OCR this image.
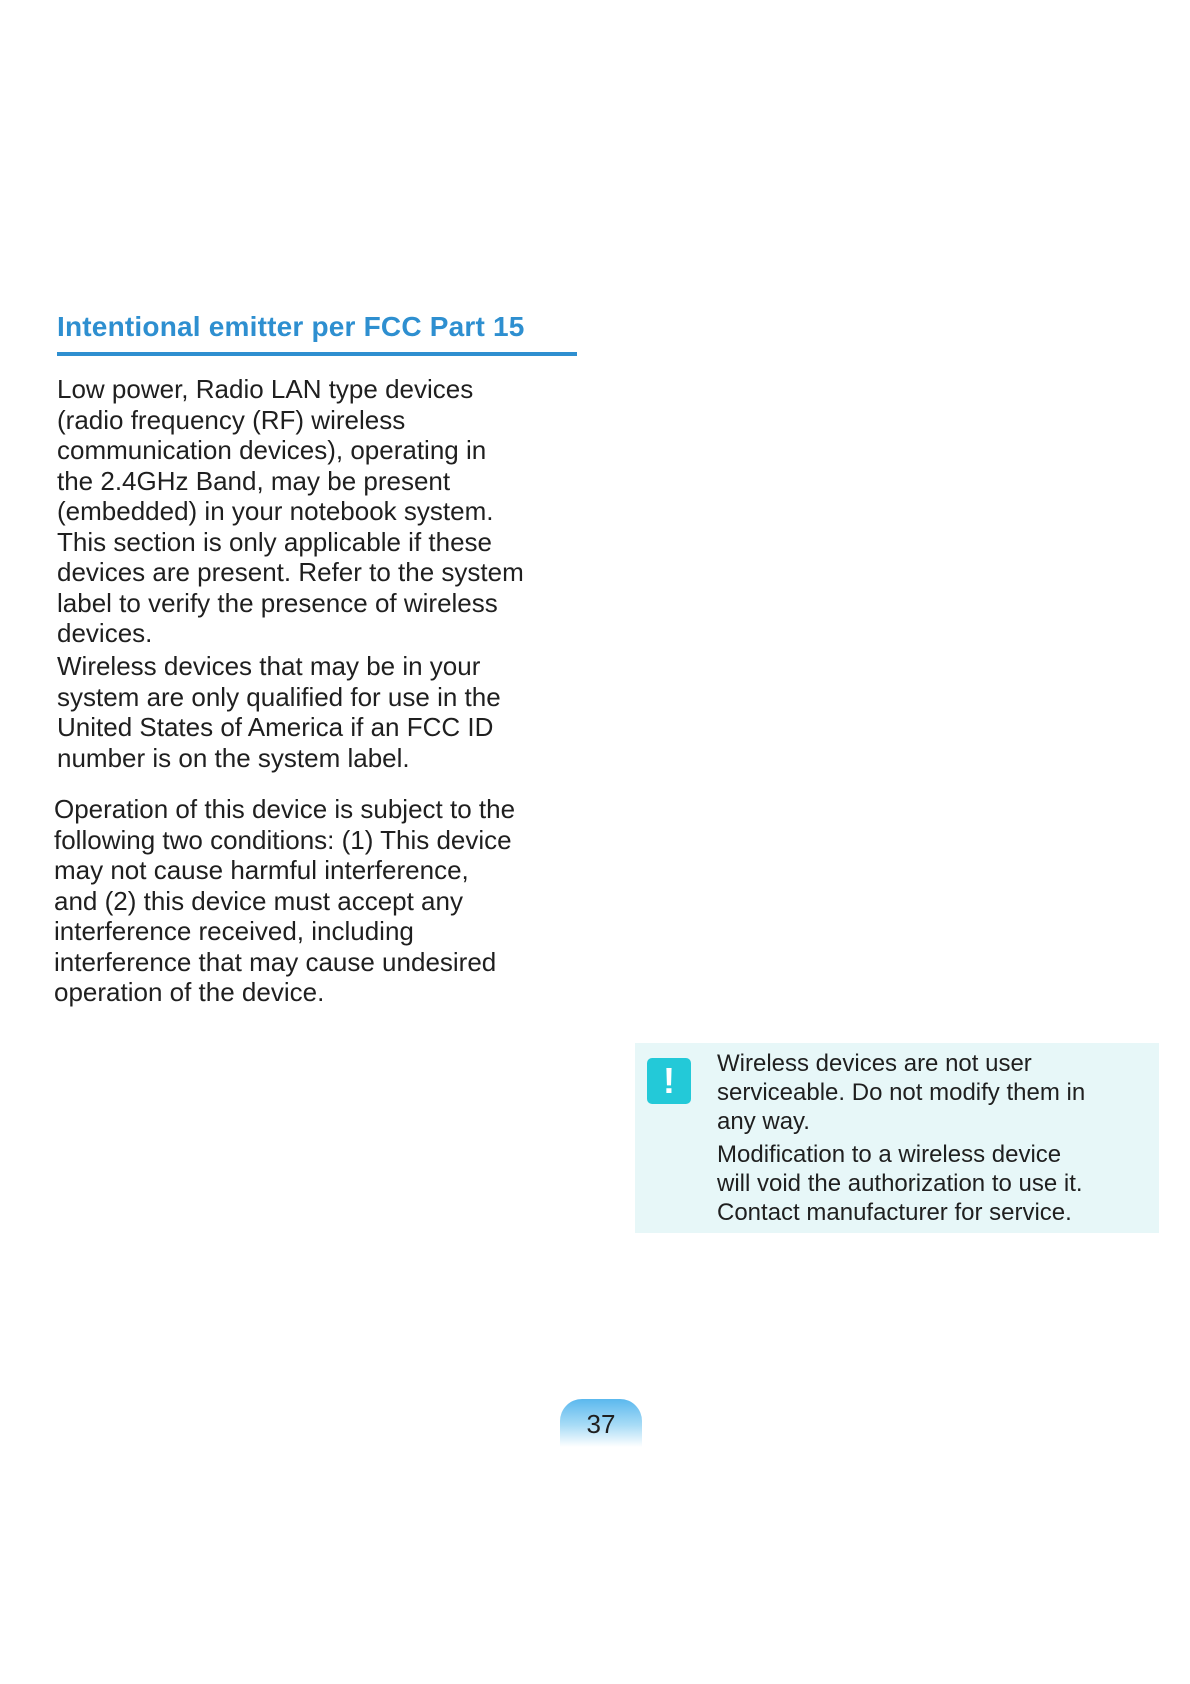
Intentional emitter per FCC Part 15
Low power, Radio LAN type devices
(radio frequency (RF) wireless
communication devices), operating in
the 2.4GHz Band, may be present
(embedded) in your notebook system.
This section is only applicable if these
devices are present. Refer to the system
label to verify the presence of wireless
devices.
Wireless devices that may be in your
system are only qualified for use in the
United States of America if an FCC ID
number is on the system label.
Operation of this device is subject to the
following two conditions: (1) This device
may not cause harmful interference,
and (2) this device must accept any
interference received, including
interference that may cause undesired
operation of the device.
!	Wireless devices are not user
serviceable. Do not modify them in
any way.
Modification to a wireless device
will void the authorization to use it.
Contact manufacturer for service.
37
